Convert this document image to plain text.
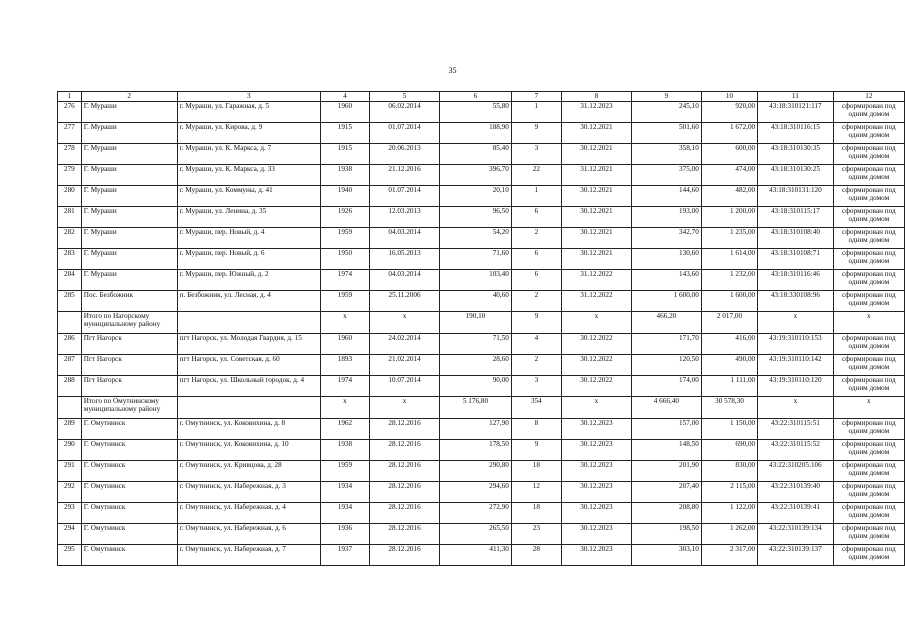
35
1	2	3	4	5	6	7	8	9	10	11	12
276	Г. Мураши	г. Мураши, ул. Гаражная, д. 5	1960	06.02.2014	55,80	1	31.12.2023	245,10	920,00	43:18:310121:117	сформирован под одним домом
277	Г. Мураши	г. Мураши, ул. Кирова, д. 9	1915	01.07.2014	188,90	9	30.12.2021	501,60	1 672,00	43:18:310116:15	сформирован под одним домом
278	Г. Мураши	г. Мураши, ул. К. Маркса, д. 7	1915	20.06.2013	85,40	3	30.12.2021	358,10	600,00	43:18:310130:35	сформирован под одним домом
279	Г. Мураши	г. Мураши, ул. К. Маркса, д. 33	1938	21.12.2016	396,70	22	31.12.2021	375,00	474,00	43:18:310130:25	сформирован под одним домом
280	Г. Мураши	г. Мураши, ул. Коммуны, д. 41	1940	01.07.2014	20,10	1	30.12.2021	144,60	482,00	43:18:310131:120	сформирован под одним домом
281	Г. Мураши	г. Мураши, ул. Ленина, д. 35	1926	12.03.2013	96,50	6	30.12.2021	193,00	1 200,00	43:18:310115:17	сформирован под одним домом
282	Г. Мураши	г. Мураши, пер. Новый, д. 4	1959	04.03.2014	54,20	2	30.12.2021	342,70	1 235,00	43:18:310108:40	сформирован под одним домом
283	Г. Мураши	г. Мураши, пер. Новый, д. 6	1950	16.05.2013	71,60	6	30.12.2021	130,60	1 614,00	43:18:310108:71	сформирован под одним домом
284	Г. Мураши	г. Мураши, пер. Южный, д. 2	1974	04.03.2014	103,40	6	31.12.2022	143,60	1 232,00	43:18:310116:46	сформирован под одним домом
285	Пос. Безбожник	п. Безбожник, ул. Лесная, д. 4	1959	25.11.2006	40,60	2	31.12.2022	1 600,00	1 600,00	43:18:330108:96	сформирован под одним домом
	Итого по Нагорскому муниципальному району		х	х	190,10	9	х	466,20	2 017,00	х	х
286	Пгт Нагорск	пгт Нагорск, ул. Молодая Гвардия, д. 15	1960	24.02.2014	71,50	4	30.12.2022	171,70	416,00	43:19:310110:153	сформирован под одним домом
287	Пгт Нагорск	пгт Нагорск, ул. Советская, д. 60	1893	21.02.2014	28,60	2	30.12.2022	120,50	490,00	43:19:310110:142	сформирован под одним домом
288	Пгт Нагорск	пгт Нагорск, ул. Школьный городок, д. 4	1974	10.07.2014	90,00	3	30.12.2022	174,00	1 111,00	43:19:310110:120	сформирован под одним домом
	Итого по Омутнинскому муниципальному району		х	х	5 176,80	354	х	4 666,40	30 578,30	х	х
289	Г. Омутнинск	г. Омутнинск, ул. Коковихина, д. 8	1962	28.12.2016	127,90	8	30.12.2023	157,00	1 150,00	43:22:310115:51	сформирован под одним домом
290	Г. Омутнинск	г. Омутнинск, ул. Коковихина, д. 10	1938	28.12.2016	178,50	9	30.12.2023	148,50	690,00	43:22:310115:52	сформирован под одним домом
291	Г. Омутнинск	г. Омутнинск, ул. Кривцова, д. 28	1959	28.12.2016	290,80	18	30.12.2023	201,90	830,00	43:22:310205:106	сформирован под одним домом
292	Г. Омутнинск	г. Омутнинск, ул. Набережная, д. 3	1934	28.12.2016	294,60	12	30.12.2023	207,40	2 115,00	43:22:310139:40	сформирован под одним домом
293	Г. Омутнинск	г. Омутнинск, ул. Набережная, д. 4	1934	28.12.2016	272,90	18	30.12.2023	208,80	1 122,00	43:22:310139:41	сформирован под одним домом
294	Г. Омутнинск	г. Омутнинск, ул. Набережная, д. 6	1936	28.12.2016	265,50	23	30.12.2023	198,50	1 262,00	43:22:310139:134	сформирован под одним домом
295	Г. Омутнинск	г. Омутнинск, ул. Набережная, д. 7	1937	28.12.2016	411,30	28	30.12.2023	303,10	2 317,00	43:22:310139:137	сформирован под одним домом
